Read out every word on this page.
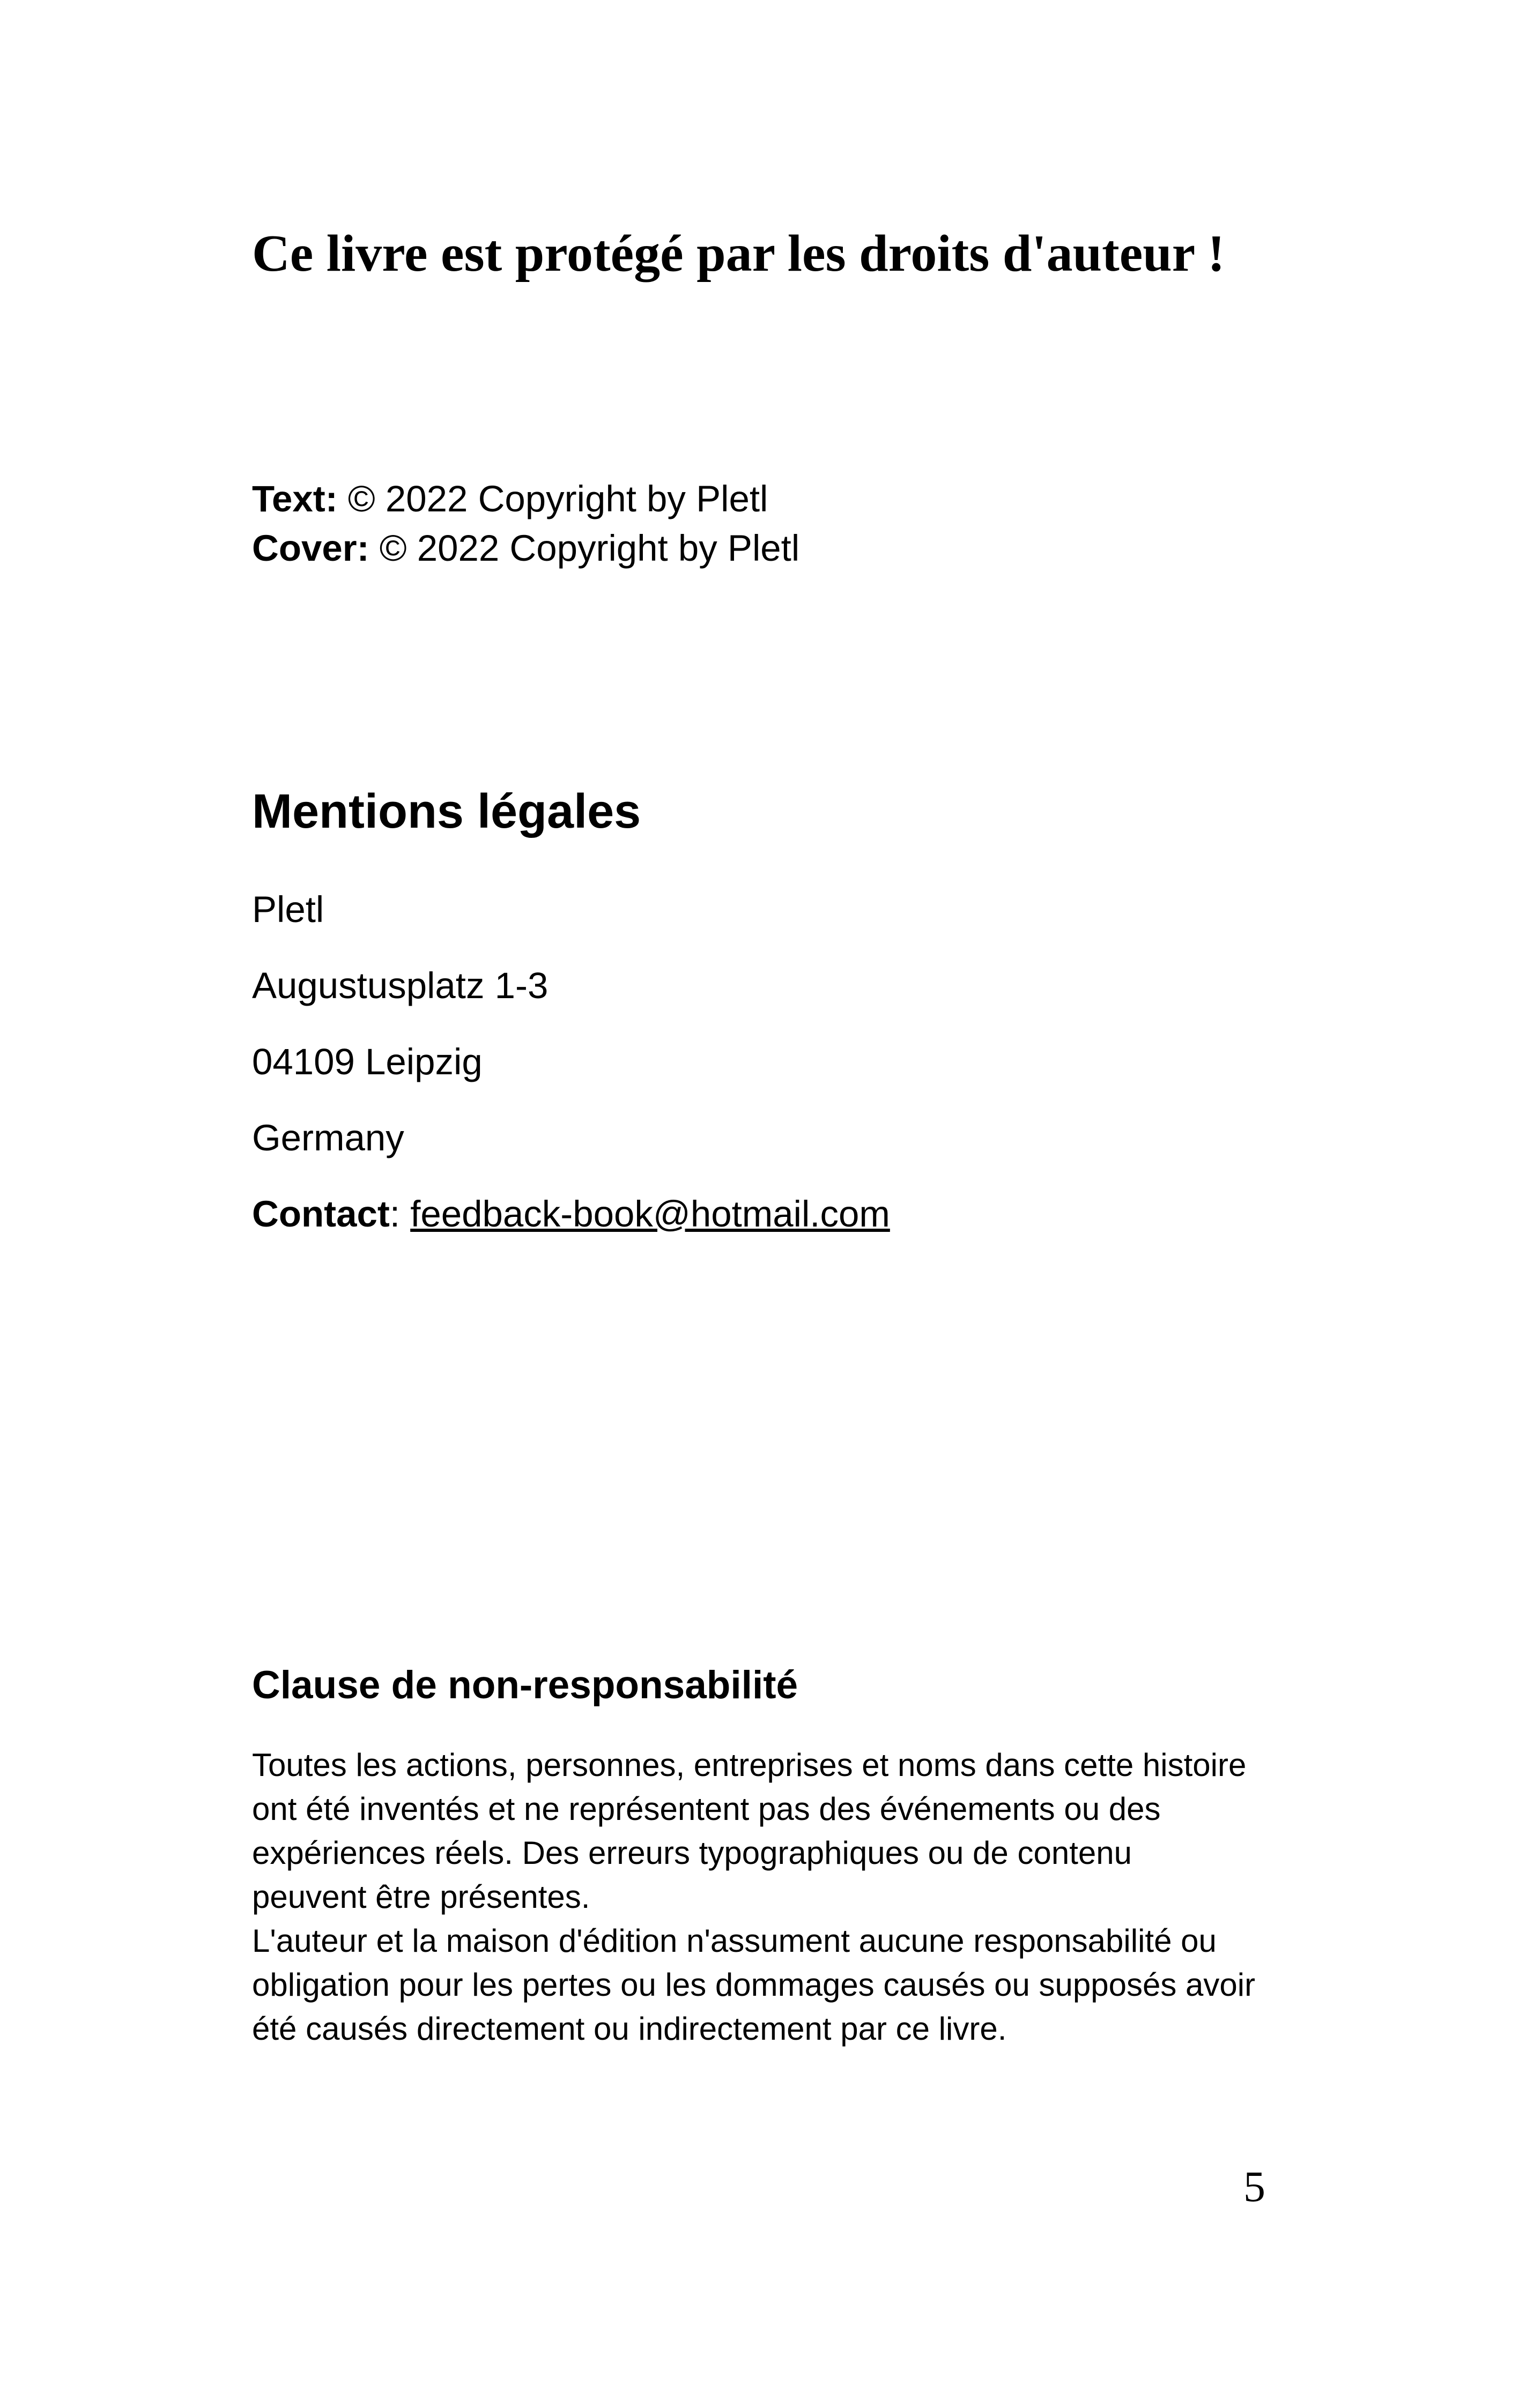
Ce livre est protégé par les droits d'auteur !

Text: © 2022 Copyright by Pletl

Cover: © 2022 Copyright by Pletl

Mentions légales

Pletl

Augustusplatz 1-3

04109 Leipzig

Germany

Contact: feedback-book@hotmail.com

Clause de non-responsabilité

Toutes les actions, personnes, entreprises et noms dans cette histoire
ont été inventés et ne représentent pas des événements ou des
expériences réels. Des erreurs typographiques ou de contenu
peuvent être présentes.

L'auteur et la maison d'édition n'assument aucune responsabilité ou
obligation pour les pertes ou les dommages causés ou supposés avoir
été causés directement ou indirectement par ce livre.

5
